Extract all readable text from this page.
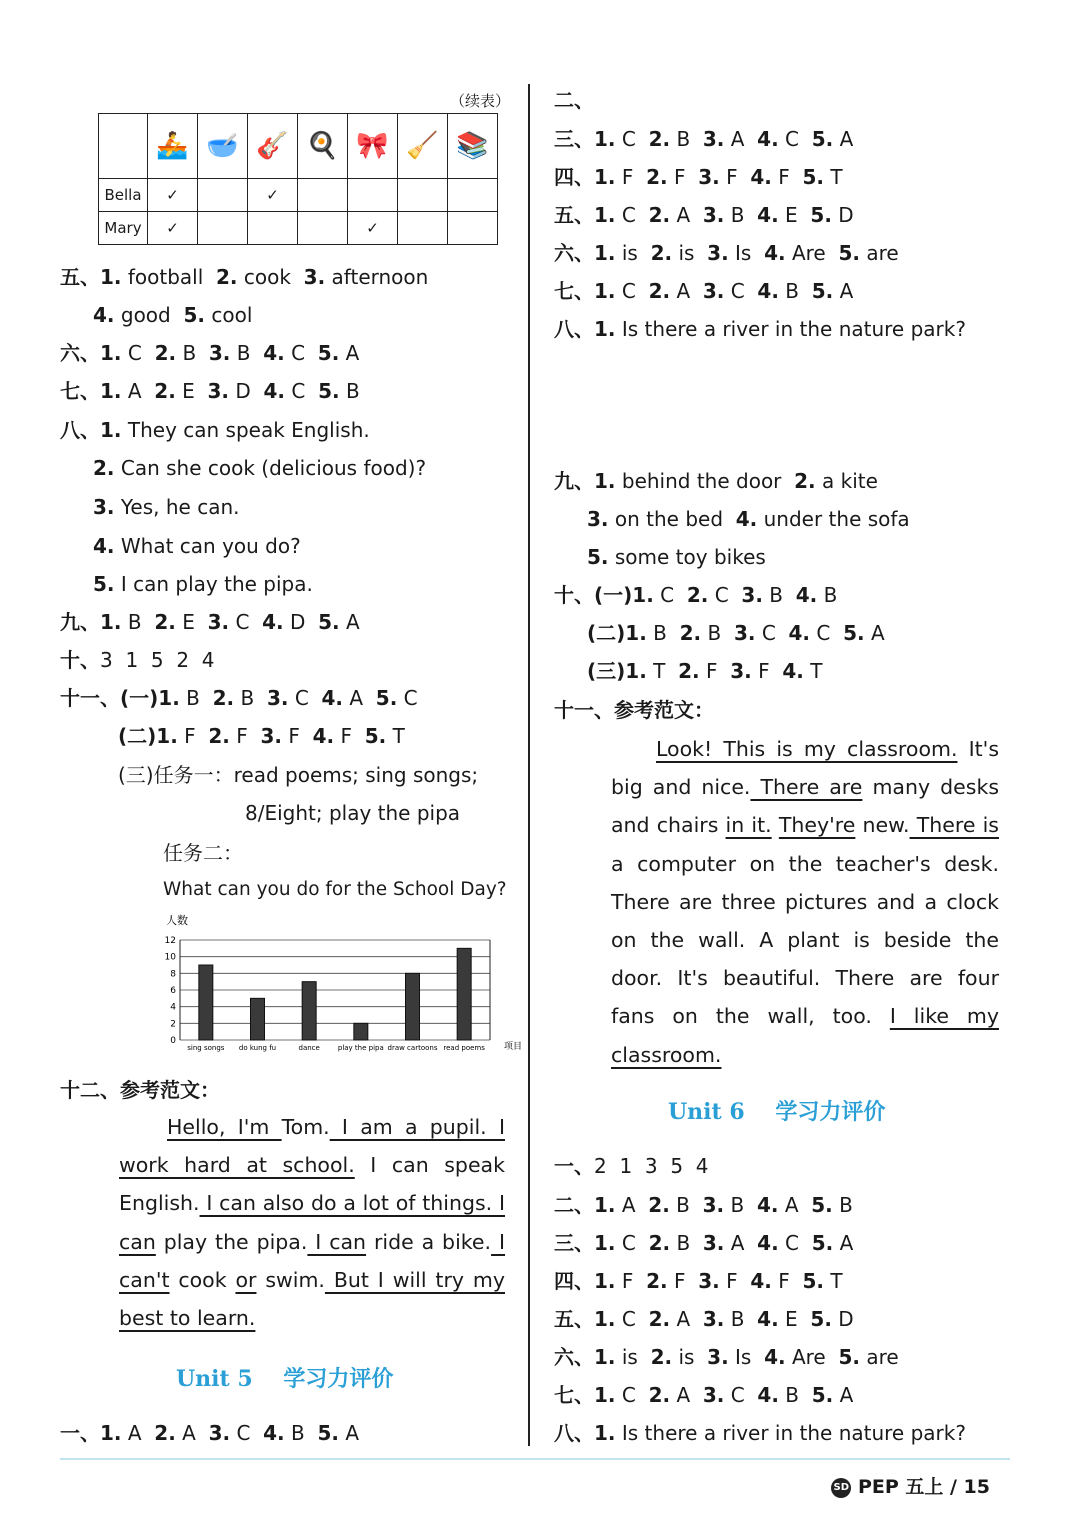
（续表）
	🚣	🥣	🎸	🍳	🎀	🧹	📚
Bella	✓		✓				
Mary	✓				✓		
五、1. football 2. cook 3. afternoon
4. good 5. cool
六、1. C 2. B 3. B 4. C 5. A
七、1. A 2. E 3. D 4. C 5. B
八、1. They can speak English.
2. Can she cook (delicious food)?
3. Yes, he can.
4. What can you do?
5. I can play the pipa.
九、1. B 2. E 3. C 4. D 5. A
十、3  1  5  2  4
十一、(一)1. B 2. B 3. C 4. A 5. C
(二)1. F 2. F 3. F 4. F 5. T
(三)任务一：read poems; sing songs;
8/Eight; play the pipa
任务二：
What can you do for the School Day?
人数
项目
0
2
4
6
8
10
12
sing songs do kung fu	dance	play the pipa draw cartoons read poems
十二、参考范文：
Hello, I'm Tom. I am a pupil. I work hard at school. I can speak English. I can also do a lot of things. I can play the pipa. I can ride a bike. I can't cook or swim. But I will try my best to learn.
Unit 5 学习力评价
一、1. A 2. A 3. C 4. B 5. A
二、
三、1. C 2. B 3. A 4. C 5. A
四、1. F 2. F 3. F 4. F 5. T
五、1. C 2. A 3. B 4. E 5. D
六、1. is 2. is 3. Is 4. Are 5. are
七、1. C 2. A 3. C 4. B 5. A
八、1. Is there a river in the nature park?

九、1. behind the door 2. a kite
3. on the bed 4. under the sofa
5. some toy bikes
十、(一)1. C 2. C 3. B 4. B
(二)1. B 2. B 3. C 4. C 5. A
(三)1. T 2. F 3. F 4. T
十一、参考范文：
Look! This is my classroom. It's big and nice. There are many desks and chairs in it. They're new. There is a computer on the teacher's desk. There are three pictures and a clock on the wall. A plant is beside the door. It's beautiful. There are four fans on the wall, too. I like my classroom.
Unit 6 学习力评价
一、2  1  3  5  4
二、1. A 2. B 3. B 4. A 5. B
三、1. C 2. B 3. A 4. C 5. A
四、1. F 2. F 3. F 4. F 5. T
五、1. C 2. A 3. B 4. E 5. D
六、1. is 2. is 3. Is 4. Are 5. are
七、1. C 2. A 3. C 4. B 5. A
八、1. Is there a river in the nature park?
SD PEP 五上 / 15
